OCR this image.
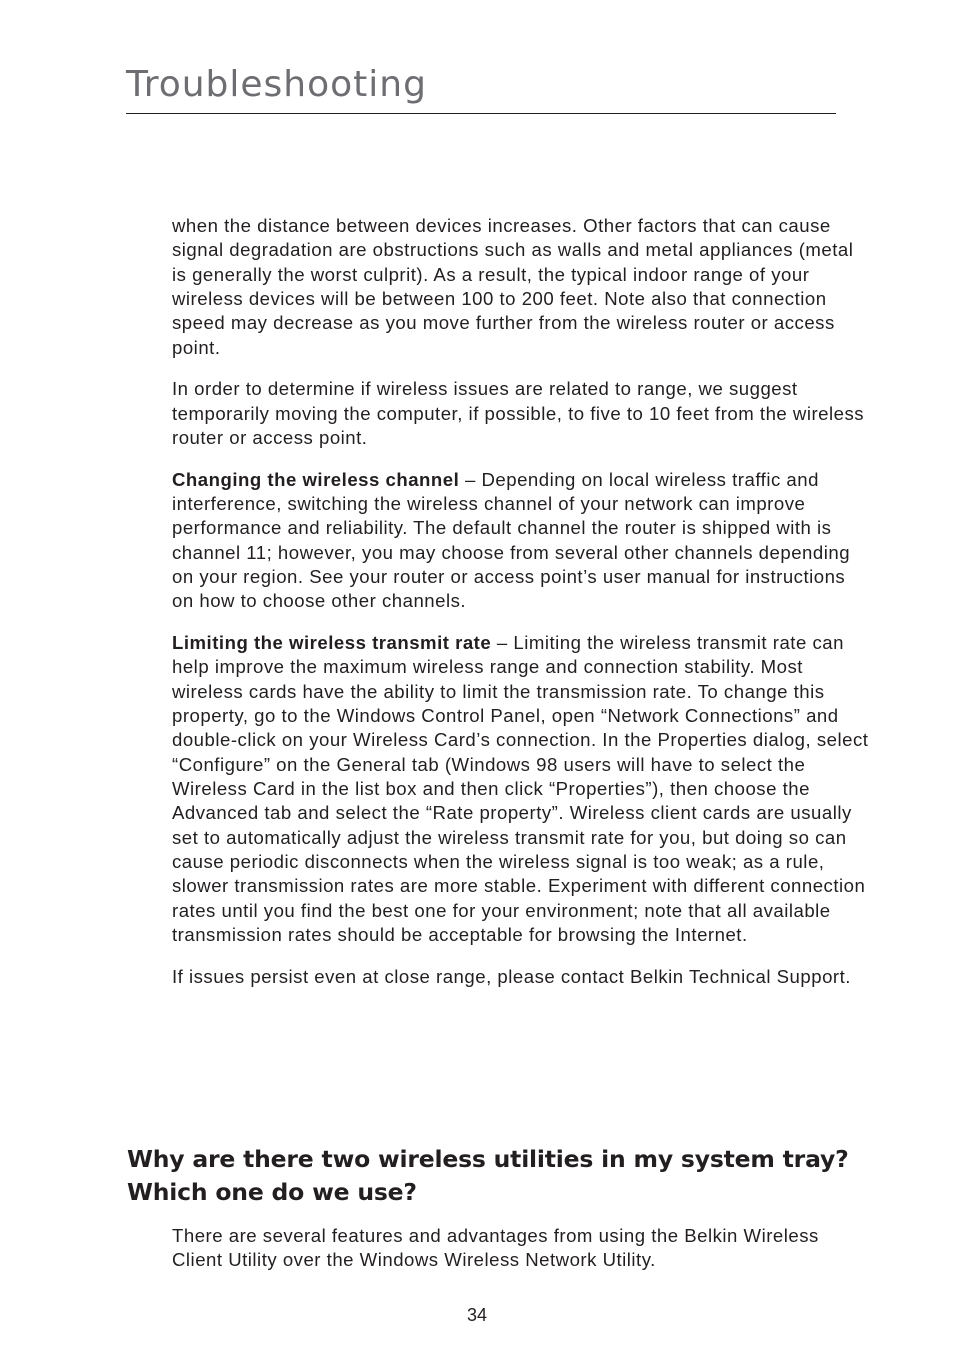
Troubleshooting

when the distance between devices increases. Other factors that can cause signal degradation are obstructions such as walls and metal appliances (metal is generally the worst culprit). As a result, the typical indoor range of your wireless devices will be between 100 to 200 feet. Note also that connection speed may decrease as you move further from the wireless router or access point.

In order to determine if wireless issues are related to range, we suggest temporarily moving the computer, if possible, to five to 10 feet from the wireless router or access point.

Changing the wireless channel – Depending on local wireless traffic and interference, switching the wireless channel of your network can improve performance and reliability. The default channel the router is shipped with is channel 11; however, you may choose from several other channels depending on your region. See your router or access point’s user manual for instructions on how to choose other channels.

Limiting the wireless transmit rate – Limiting the wireless transmit rate can help improve the maximum wireless range and connection stability. Most wireless cards have the ability to limit the transmission rate. To change this property, go to the Windows Control Panel, open “Network Connections” and double-click on your Wireless Card’s connection. In the Properties dialog, select “Configure” on the General tab (Windows 98 users will have to select the Wireless Card in the list box and then click “Properties”), then choose the Advanced tab and select the “Rate property”. Wireless client cards are usually set to automatically adjust the wireless transmit rate for you, but doing so can cause periodic disconnects when the wireless signal is too weak; as a rule, slower transmission rates are more stable. Experiment with different connection rates until you find the best one for your environment; note that all available transmission rates should be acceptable for browsing the Internet.

If issues persist even at close range, please contact Belkin Technical Support.

Why are there two wireless utilities in my system tray? Which one do we use?

There are several features and advantages from using the Belkin Wireless Client Utility over the Windows Wireless Network Utility.

34
